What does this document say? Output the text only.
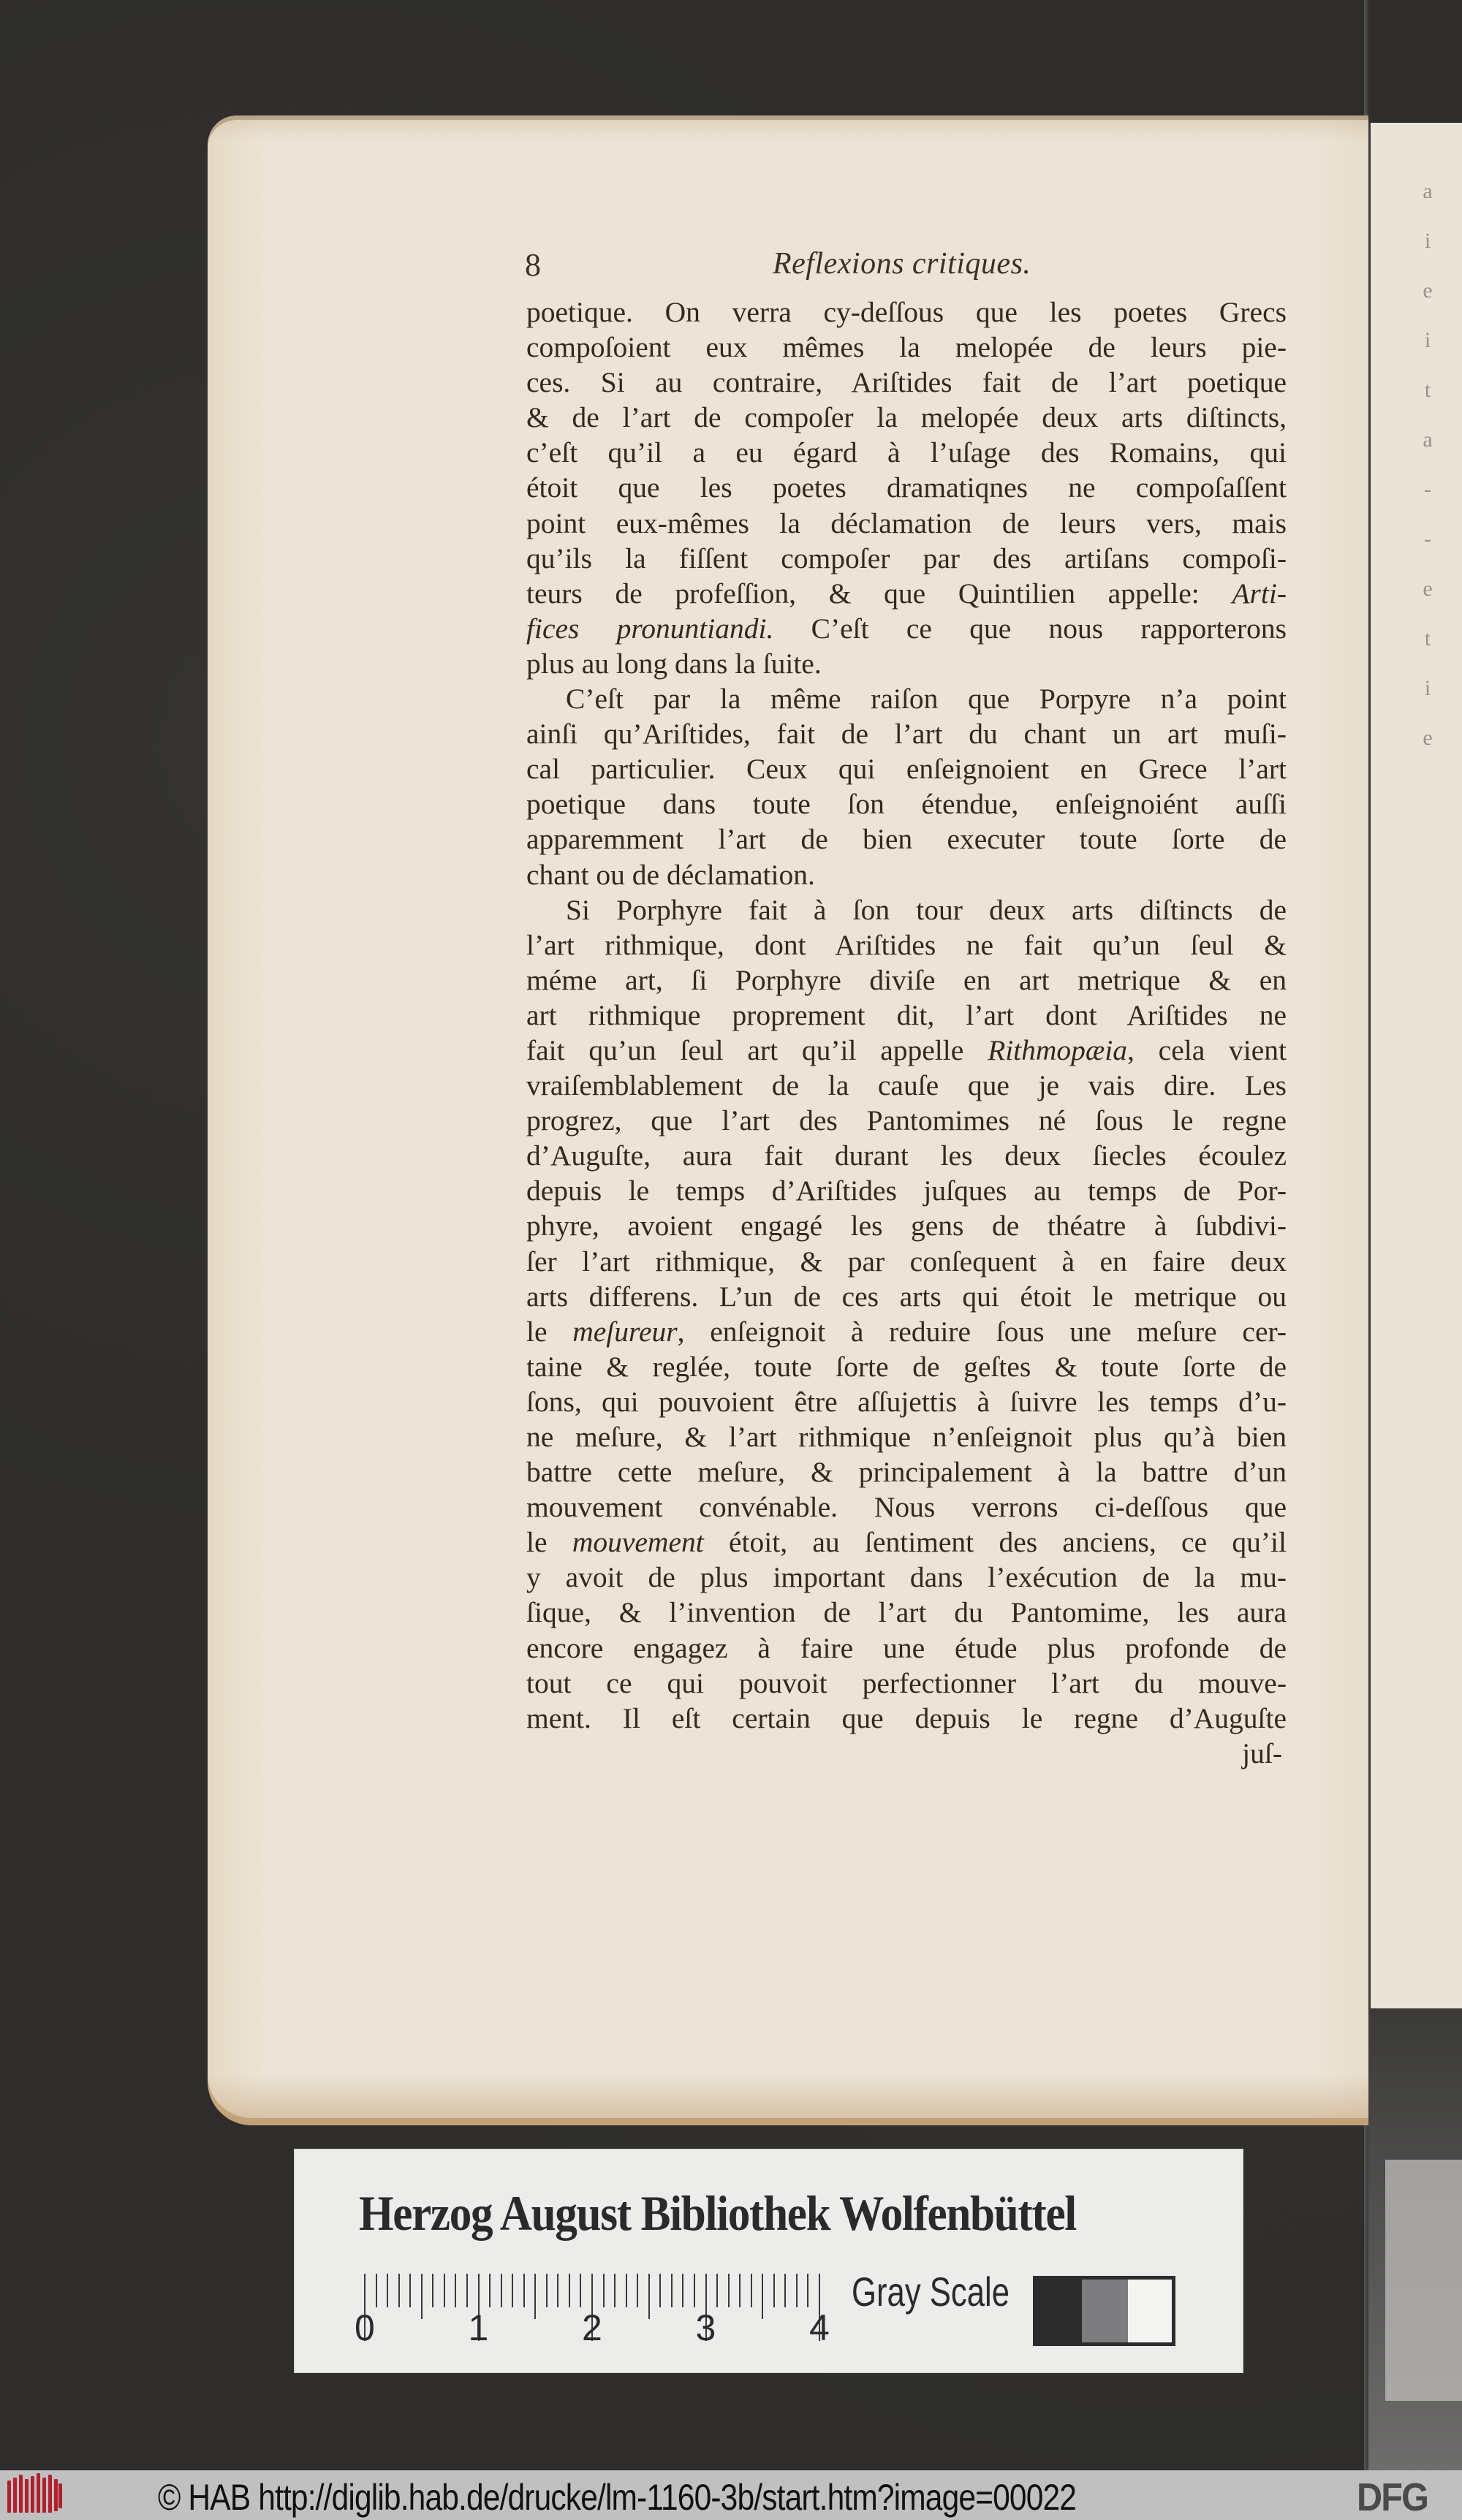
a
i
e
i
t
a
-
-
e
t
i
e
8	Reflexions critiques.
poetique. On verra cy-deſſous que les poetes Grecs
compoſoient eux mêmes la melopée de leurs pie-
ces. Si au contraire, Ariſtides fait de l’art poetique
& de l’art de compoſer la melopée deux arts diſtincts,
c’eſt qu’il a eu égard à l’uſage des Romains, qui
étoit que les poetes dramatiqnes ne compoſaſſent
point eux-mêmes la déclamation de leurs vers, mais
qu’ils la fiſſent compoſer par des artiſans compoſi-
teurs de profeſſion, & que Quintilien appelle: Arti-
fices pronuntiandi. C’eſt ce que nous rapporterons
plus au long dans la ſuite.
C’eſt par la même raiſon que Porpyre n’a point
ainſi qu’Ariſtides, fait de l’art du chant un art muſi-
cal particulier. Ceux qui enſeignoient en Grece l’art
poetique dans toute ſon étendue, enſeignoiént auſſi
apparemment l’art de bien executer toute ſorte de
chant ou de déclamation.
Si Porphyre fait à ſon tour deux arts diſtincts de
l’art rithmique, dont Ariſtides ne fait qu’un ſeul &
méme art, ſi Porphyre diviſe en art metrique & en
art rithmique proprement dit, l’art dont Ariſtides ne
fait qu’un ſeul art qu’il appelle Rithmopæia, cela vient
vraiſemblablement de la cauſe que je vais dire. Les
progrez, que l’art des Pantomimes né ſous le regne
d’Auguſte, aura fait durant les deux ſiecles écoulez
depuis le temps d’Ariſtides juſques au temps de Por-
phyre, avoient engagé les gens de théatre à ſubdivi-
ſer l’art rithmique, & par conſequent à en faire deux
arts differens. L’un de ces arts qui étoit le metrique ou
le meſureur, enſeignoit à reduire ſous une meſure cer-
taine & reglée, toute ſorte de geſtes & toute ſorte de
ſons, qui pouvoient être aſſujettis à ſuivre les temps d’u-
ne meſure, & l’art rithmique n’enſeignoit plus qu’à bien
battre cette meſure, & principalement à la battre d’un
mouvement convénable. Nous verrons ci-deſſous que
le mouvement étoit, au ſentiment des anciens, ce qu’il
y avoit de plus important dans l’exécution de la mu-
ſique, & l’invention de l’art du Pantomime, les aura
encore engagez à faire une étude plus profonde de
tout ce qui pouvoit perfectionner l’art du mouve-
ment. Il eſt certain que depuis le regne d’Auguſte
juſ-
Herzog August Bibliothek Wolfenbüttel
0	1	2	3	4
Gray Scale
© HAB http://diglib.hab.de/drucke/lm-1160-3b/start.htm?image=00022	DFG
